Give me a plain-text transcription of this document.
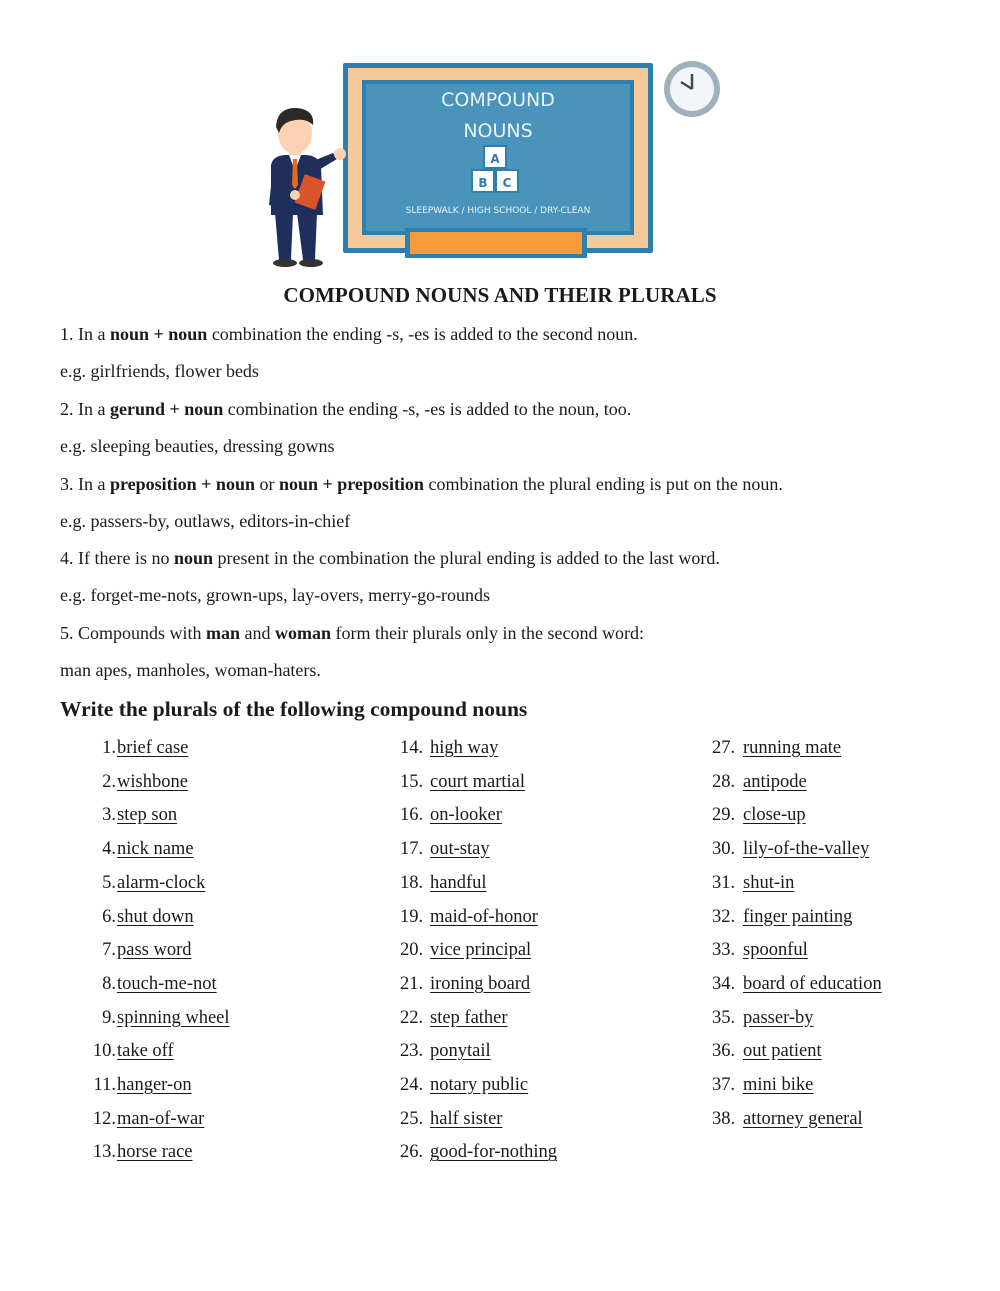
COMPOUND
NOUNS
A
B C
SLEEPWALK / HIGH SCHOOL / DRY-CLEAN
COMPOUND NOUNS AND THEIR PLURALS
1. In a noun + noun combination the ending -s, -es is added to the second noun.
e.g. girlfriends, flower beds
2. In a gerund + noun combination the ending -s, -es is added to the noun, too.
e.g. sleeping beauties, dressing gowns
3. In a preposition + noun or noun + preposition combination the plural ending is put on the noun.
e.g. passers-by, outlaws, editors-in-chief
4. If there is no noun present in the combination the plural ending is added to the last word.
e.g. forget-me-nots, grown-ups, lay-overs, merry-go-rounds
5. Compounds with man and woman form their plurals only in the second word:
man apes, manholes, woman-haters.
Write the plurals of the following compound nouns
1. brief case
2. wishbone
3. step son
4. nick name
5. alarm-clock
6. shut down
7. pass word
8. touch-me-not
9. spinning wheel
10. take off
11. hanger-on
12. man-of-war
13. horse race
14. high way
15. court martial
16. on-looker
17. out-stay
18. handful
19. maid-of-honor
20. vice principal
21. ironing board
22. step father
23. ponytail
24. notary public
25. half sister
26. good-for-nothing
27. running mate
28. antipode
29. close-up
30. lily-of-the-valley
31. shut-in
32. finger painting
33. spoonful
34. board of education
35. passer-by
36. out patient
37. mini bike
38. attorney general
